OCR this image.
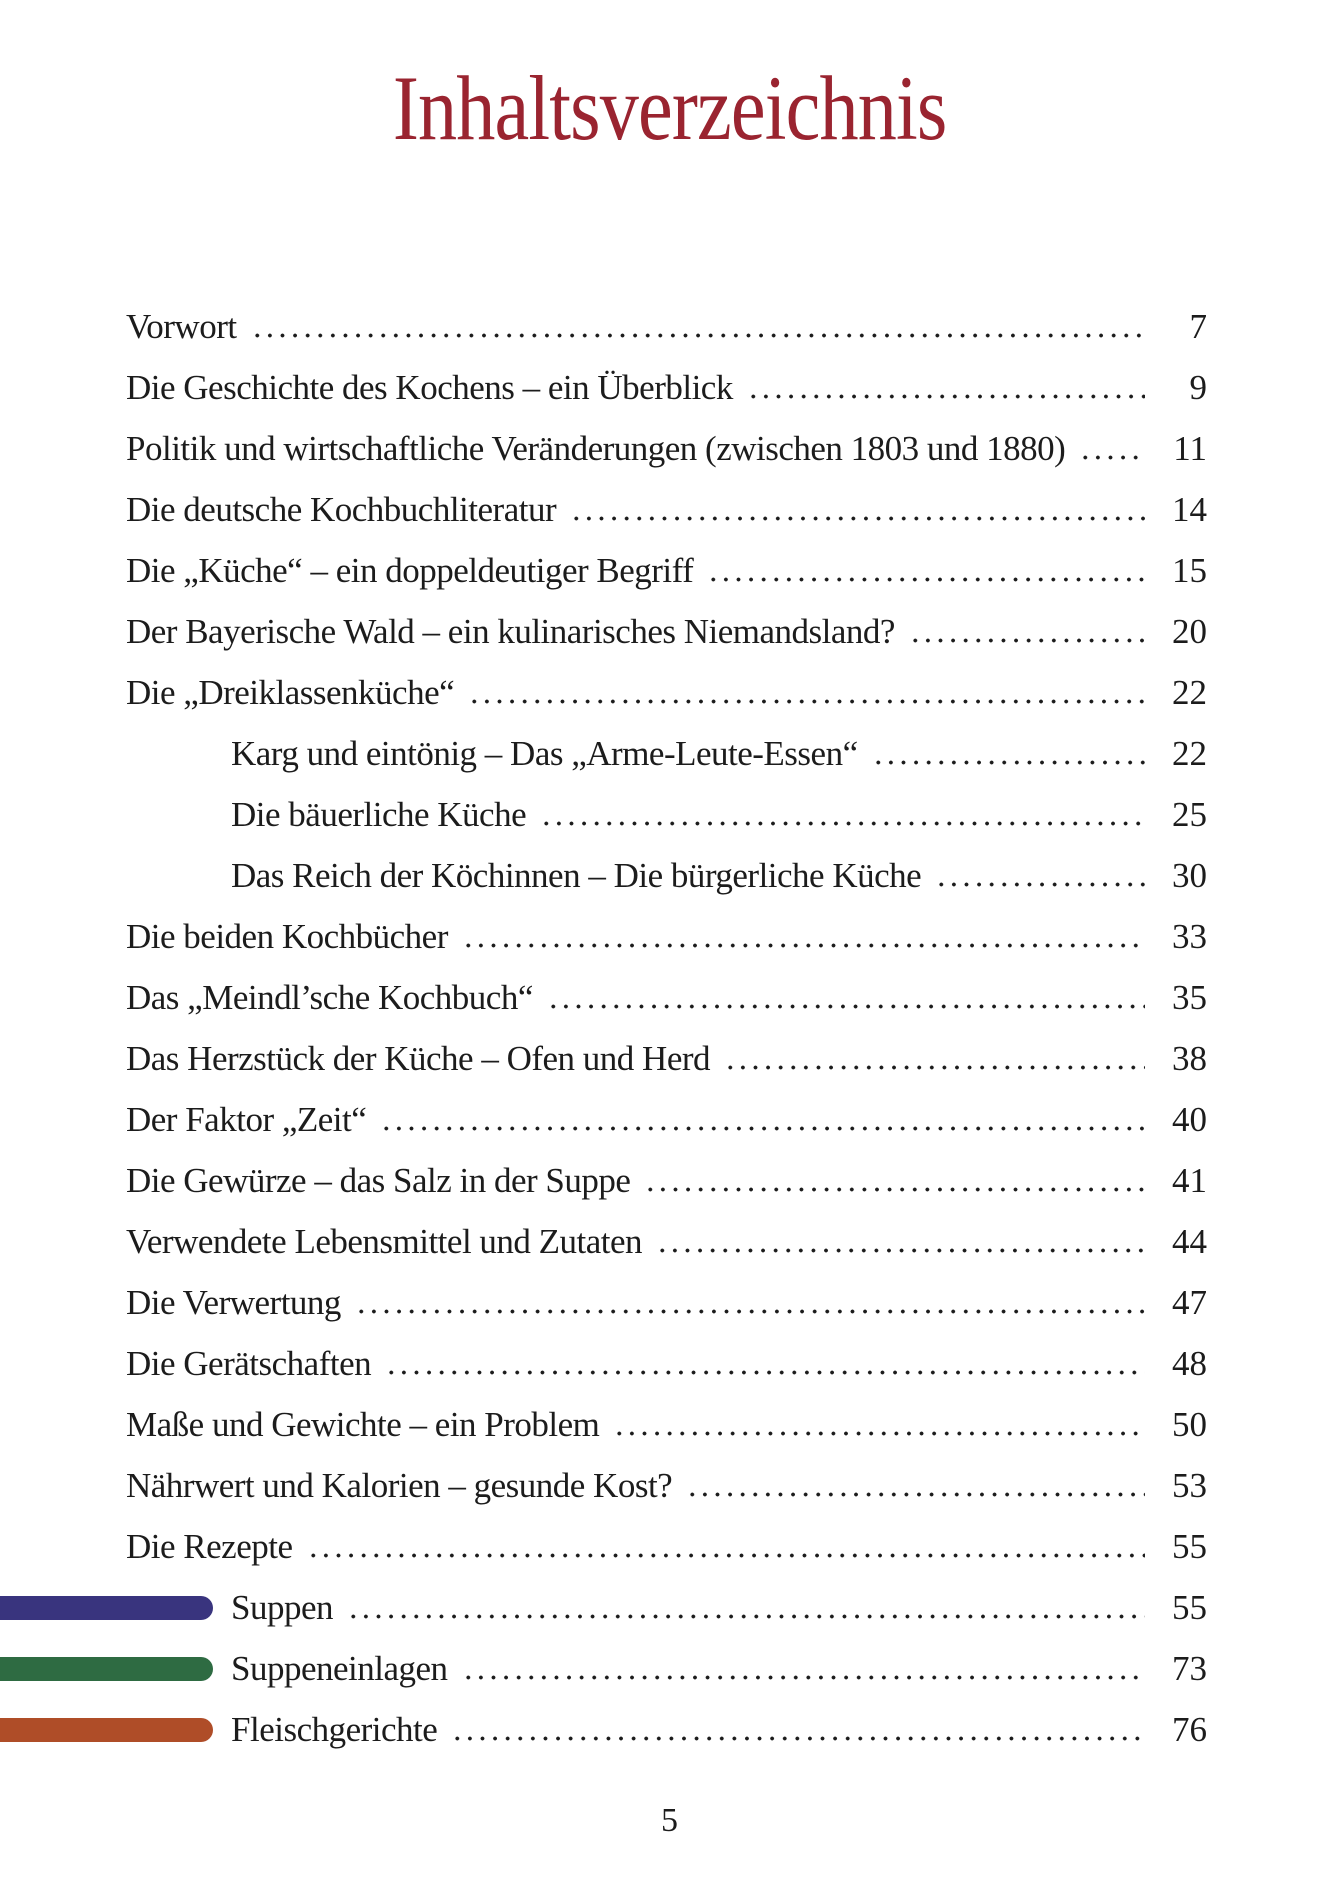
Inhaltsverzeichnis
Vorwort	7
Die Geschichte des Kochens – ein Überblick	9
Politik und wirtschaftliche Veränderungen (zwischen 1803 und 1880)	11
Die deutsche Kochbuchliteratur	14
Die „Küche“ – ein doppeldeutiger Begriff	15
Der Bayerische Wald – ein kulinarisches Niemandsland?	20
Die „Dreiklassenküche“	22
Karg und eintönig – Das „Arme-Leute-Essen“	22
Die bäuerliche Küche	25
Das Reich der Köchinnen – Die bürgerliche Küche	30
Die beiden Kochbücher	33
Das „Meindl’sche Kochbuch“	35
Das Herzstück der Küche – Ofen und Herd	38
Der Faktor „Zeit“	40
Die Gewürze – das Salz in der Suppe	41
Verwendete Lebensmittel und Zutaten	44
Die Verwertung	47
Die Gerätschaften	48
Maße und Gewichte – ein Problem	50
Nährwert und Kalorien – gesunde Kost?	53
Die Rezepte	55
Suppen	55
Suppeneinlagen	73
Fleischgerichte	76
5
